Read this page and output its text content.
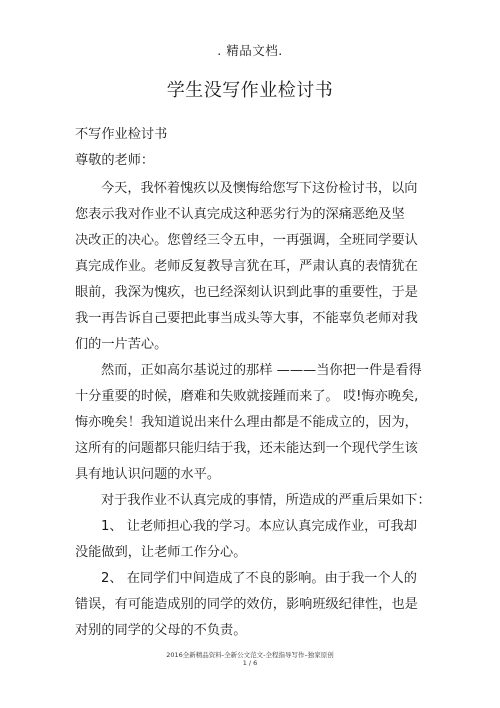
. 精品文档.
学生没写作业检讨书
不写作业检讨书
尊敬的老师：
今天，我怀着愧疚以及懊悔给您写下这份检讨书，以向
您表示我对作业不认真完成这种恶劣行为的深痛恶绝及坚
决改正的决心。您曾经三令五申，一再强调，全班同学要认
真完成作业。老师反复教导言犹在耳，严肃认真的表情犹在
眼前，我深为愧疚，也已经深刻认识到此事的重要性，于是
我一再告诉自己要把此事当成头等大事，不能辜负老师对我
们的一片苦心。
然而，正如高尔基说过的那样 ———当你把一件是看得
十分重要的时候，磨难和失败就接踵而来了。 哎!悔亦晚矣,
悔亦晚矣！我知道说出来什么理由都是不能成立的，因为，
这所有的问题都只能归结于我，还未能达到一个现代学生该
具有地认识问题的水平。
对于我作业不认真完成的事情，所造成的严重后果如下：
1、 让老师担心我的学习。本应认真完成作业，可我却
没能做到，让老师工作分心。
2、 在同学们中间造成了不良的影响。由于我一个人的
错误，有可能造成别的同学的效仿，影响班级纪律性，也是
对别的同学的父母的不负责。
2016全新精品资料-全新公文范文-全程指导写作–独家原创
1 / 6
